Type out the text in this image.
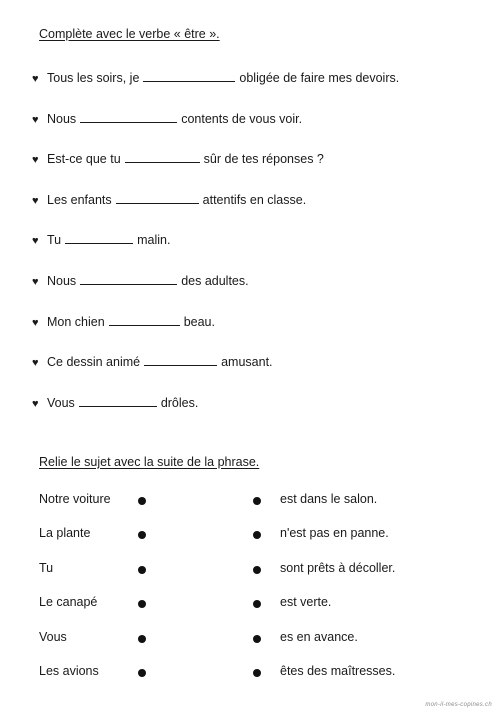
Complète avec le verbe « être ».
♥ Tous les soirs, je	obligée de faire mes devoirs.
♥ Nous	contents de vous voir.
♥ Est-ce que tu	sûr de tes réponses ?
♥ Les enfants	attentifs en classe.
♥ Tu	malin.
♥ Nous	des adultes.
♥ Mon chien	beau.
♥ Ce dessin animé	amusant.
♥ Vous	drôles.
Relie le sujet avec la suite de la phrase.
Notre voiture	est dans le salon.
La plante	n'est pas en panne.
Tu	sont prêts à décoller.
Le canapé	est verte.
Vous	es en avance.
Les avions	êtes des maîtresses.
mon-il-mes-copines.ch
